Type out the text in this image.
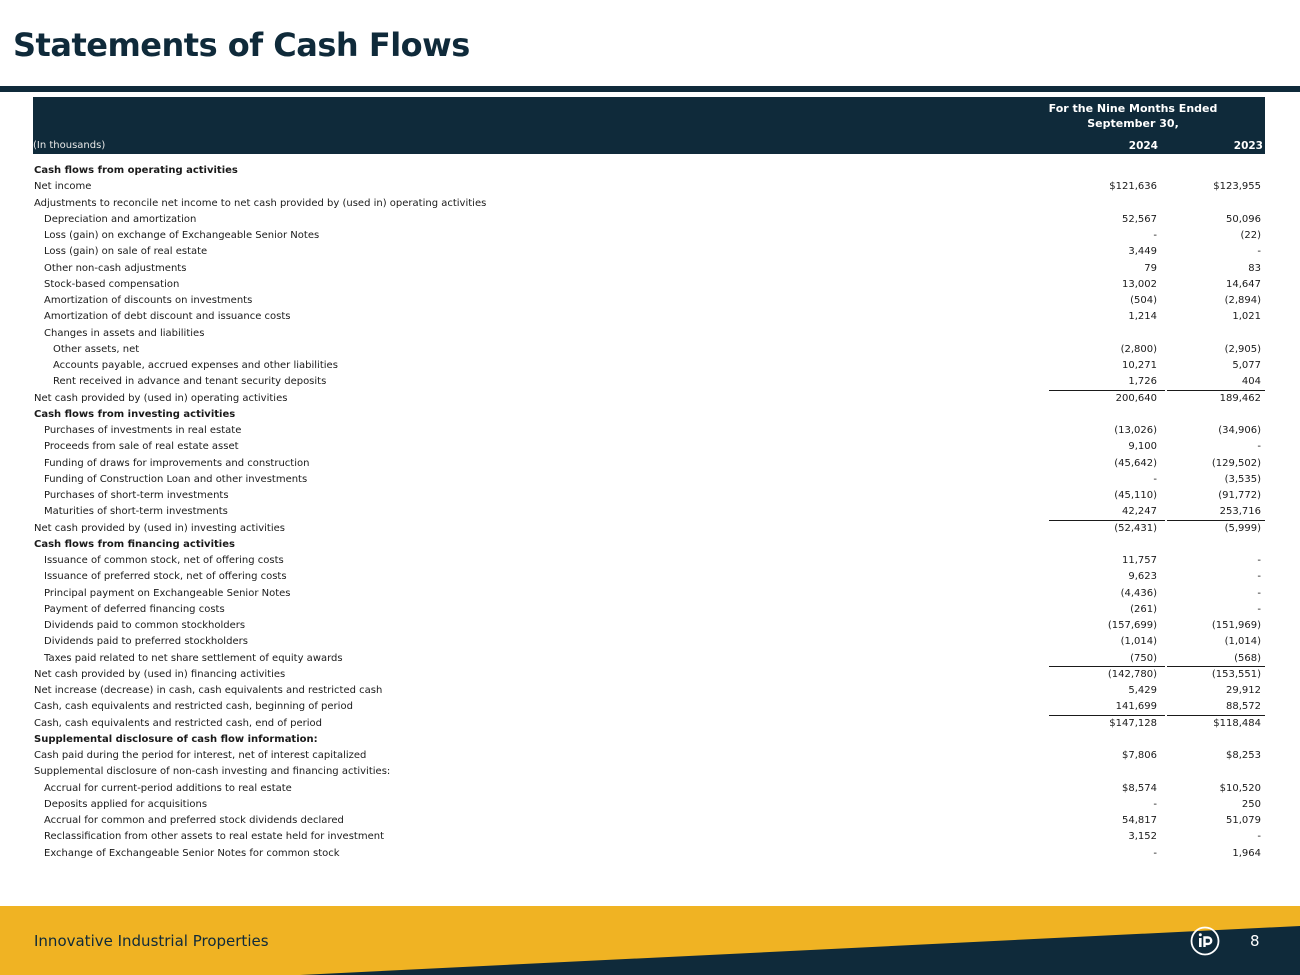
Statements of Cash Flows
For the Nine Months Ended
September 30,
(In thousands)	2024	2023
Cash flows from operating activities
Net income	$121,636	$123,955
Adjustments to reconcile net income to net cash provided by (used in) operating activities
Depreciation and amortization	52,567	50,096
Loss (gain) on exchange of Exchangeable Senior Notes	-	(22)
Loss (gain) on sale of real estate	3,449	-
Other non-cash adjustments	79	83
Stock-based compensation	13,002	14,647
Amortization of discounts on investments	(504)	(2,894)
Amortization of debt discount and issuance costs	1,214	1,021
Changes in assets and liabilities
Other assets, net	(2,800)	(2,905)
Accounts payable, accrued expenses and other liabilities	10,271	5,077
Rent received in advance and tenant security deposits	1,726	404
Net cash provided by (used in) operating activities	200,640	189,462
Cash flows from investing activities
Purchases of investments in real estate	(13,026)	(34,906)
Proceeds from sale of real estate asset	9,100	-
Funding of draws for improvements and construction	(45,642)	(129,502)
Funding of Construction Loan and other investments	-	(3,535)
Purchases of short-term investments	(45,110)	(91,772)
Maturities of short-term investments	42,247	253,716
Net cash provided by (used in) investing activities	(52,431)	(5,999)
Cash flows from financing activities
Issuance of common stock, net of offering costs	11,757	-
Issuance of preferred stock, net of offering costs	9,623	-
Principal payment on Exchangeable Senior Notes	(4,436)	-
Payment of deferred financing costs	(261)	-
Dividends paid to common stockholders	(157,699)	(151,969)
Dividends paid to preferred stockholders	(1,014)	(1,014)
Taxes paid related to net share settlement of equity awards	(750)	(568)
Net cash provided by (used in) financing activities	(142,780)	(153,551)
Net increase (decrease) in cash, cash equivalents and restricted cash	5,429	29,912
Cash, cash equivalents and restricted cash, beginning of period	141,699	88,572
Cash, cash equivalents and restricted cash, end of period	$147,128	$118,484
Supplemental disclosure of cash flow information:
Cash paid during the period for interest, net of interest capitalized	$7,806	$8,253
Supplemental disclosure of non-cash investing and financing activities:
Accrual for current-period additions to real estate	$8,574	$10,520
Deposits applied for acquisitions	-	250
Accrual for common and preferred stock dividends declared	54,817	51,079
Reclassification from other assets to real estate held for investment	3,152	-
Exchange of Exchangeable Senior Notes for common stock	-	1,964
Innovative Industrial Properties	8
